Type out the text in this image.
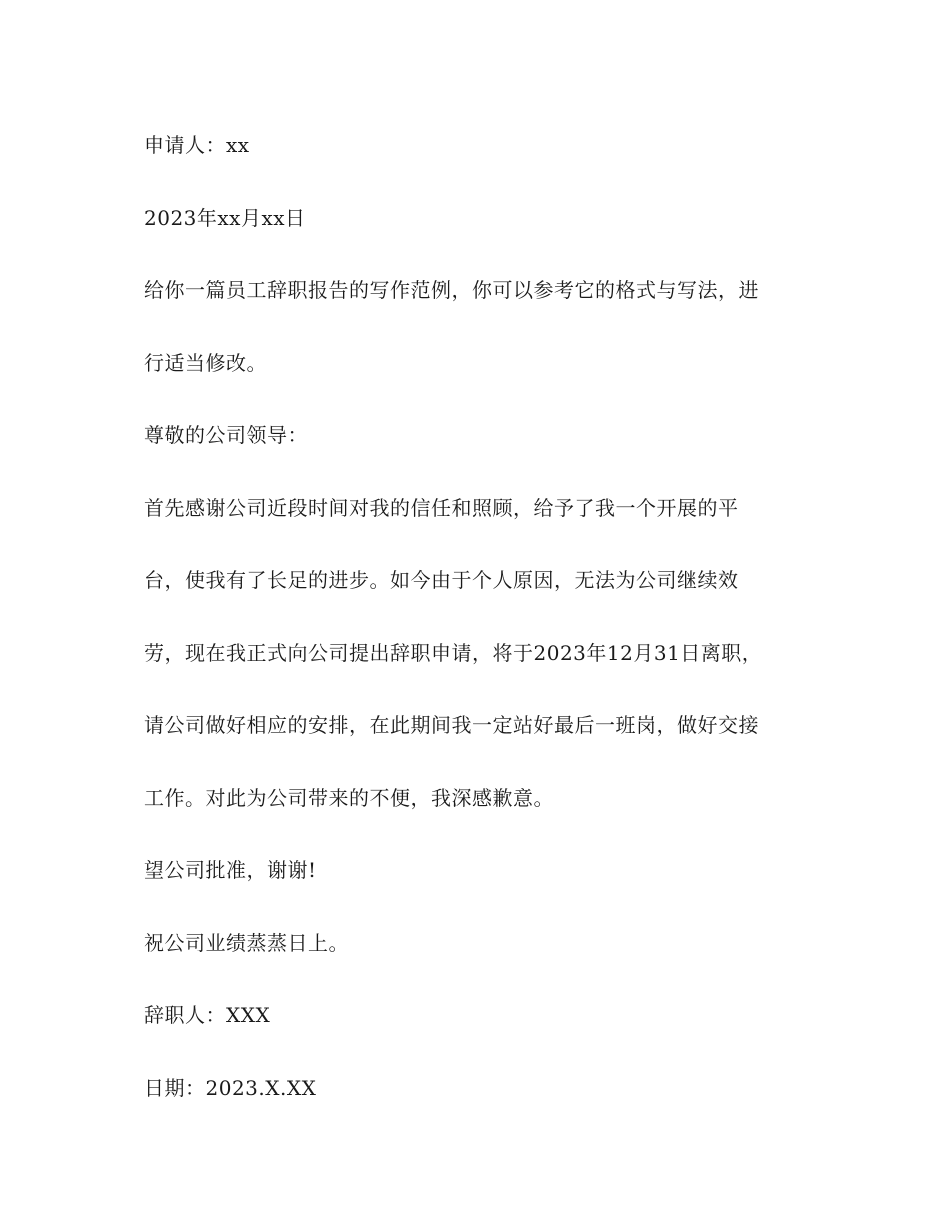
申请人：xx

2023年xx月xx日

给你一篇员工辞职报告的写作范例，你可以参考它的格式与写法，进

行适当修改。

尊敬的公司领导：

首先感谢公司近段时间对我的信任和照顾，给予了我一个开展的平

台，使我有了长足的进步。如今由于个人原因，无法为公司继续效

劳，现在我正式向公司提出辞职申请，将于2023年12月31日离职，

请公司做好相应的安排，在此期间我一定站好最后一班岗，做好交接

工作。对此为公司带来的不便，我深感歉意。

望公司批准，谢谢!

祝公司业绩蒸蒸日上。

辞职人：XXX

日期：2023.X.XX
